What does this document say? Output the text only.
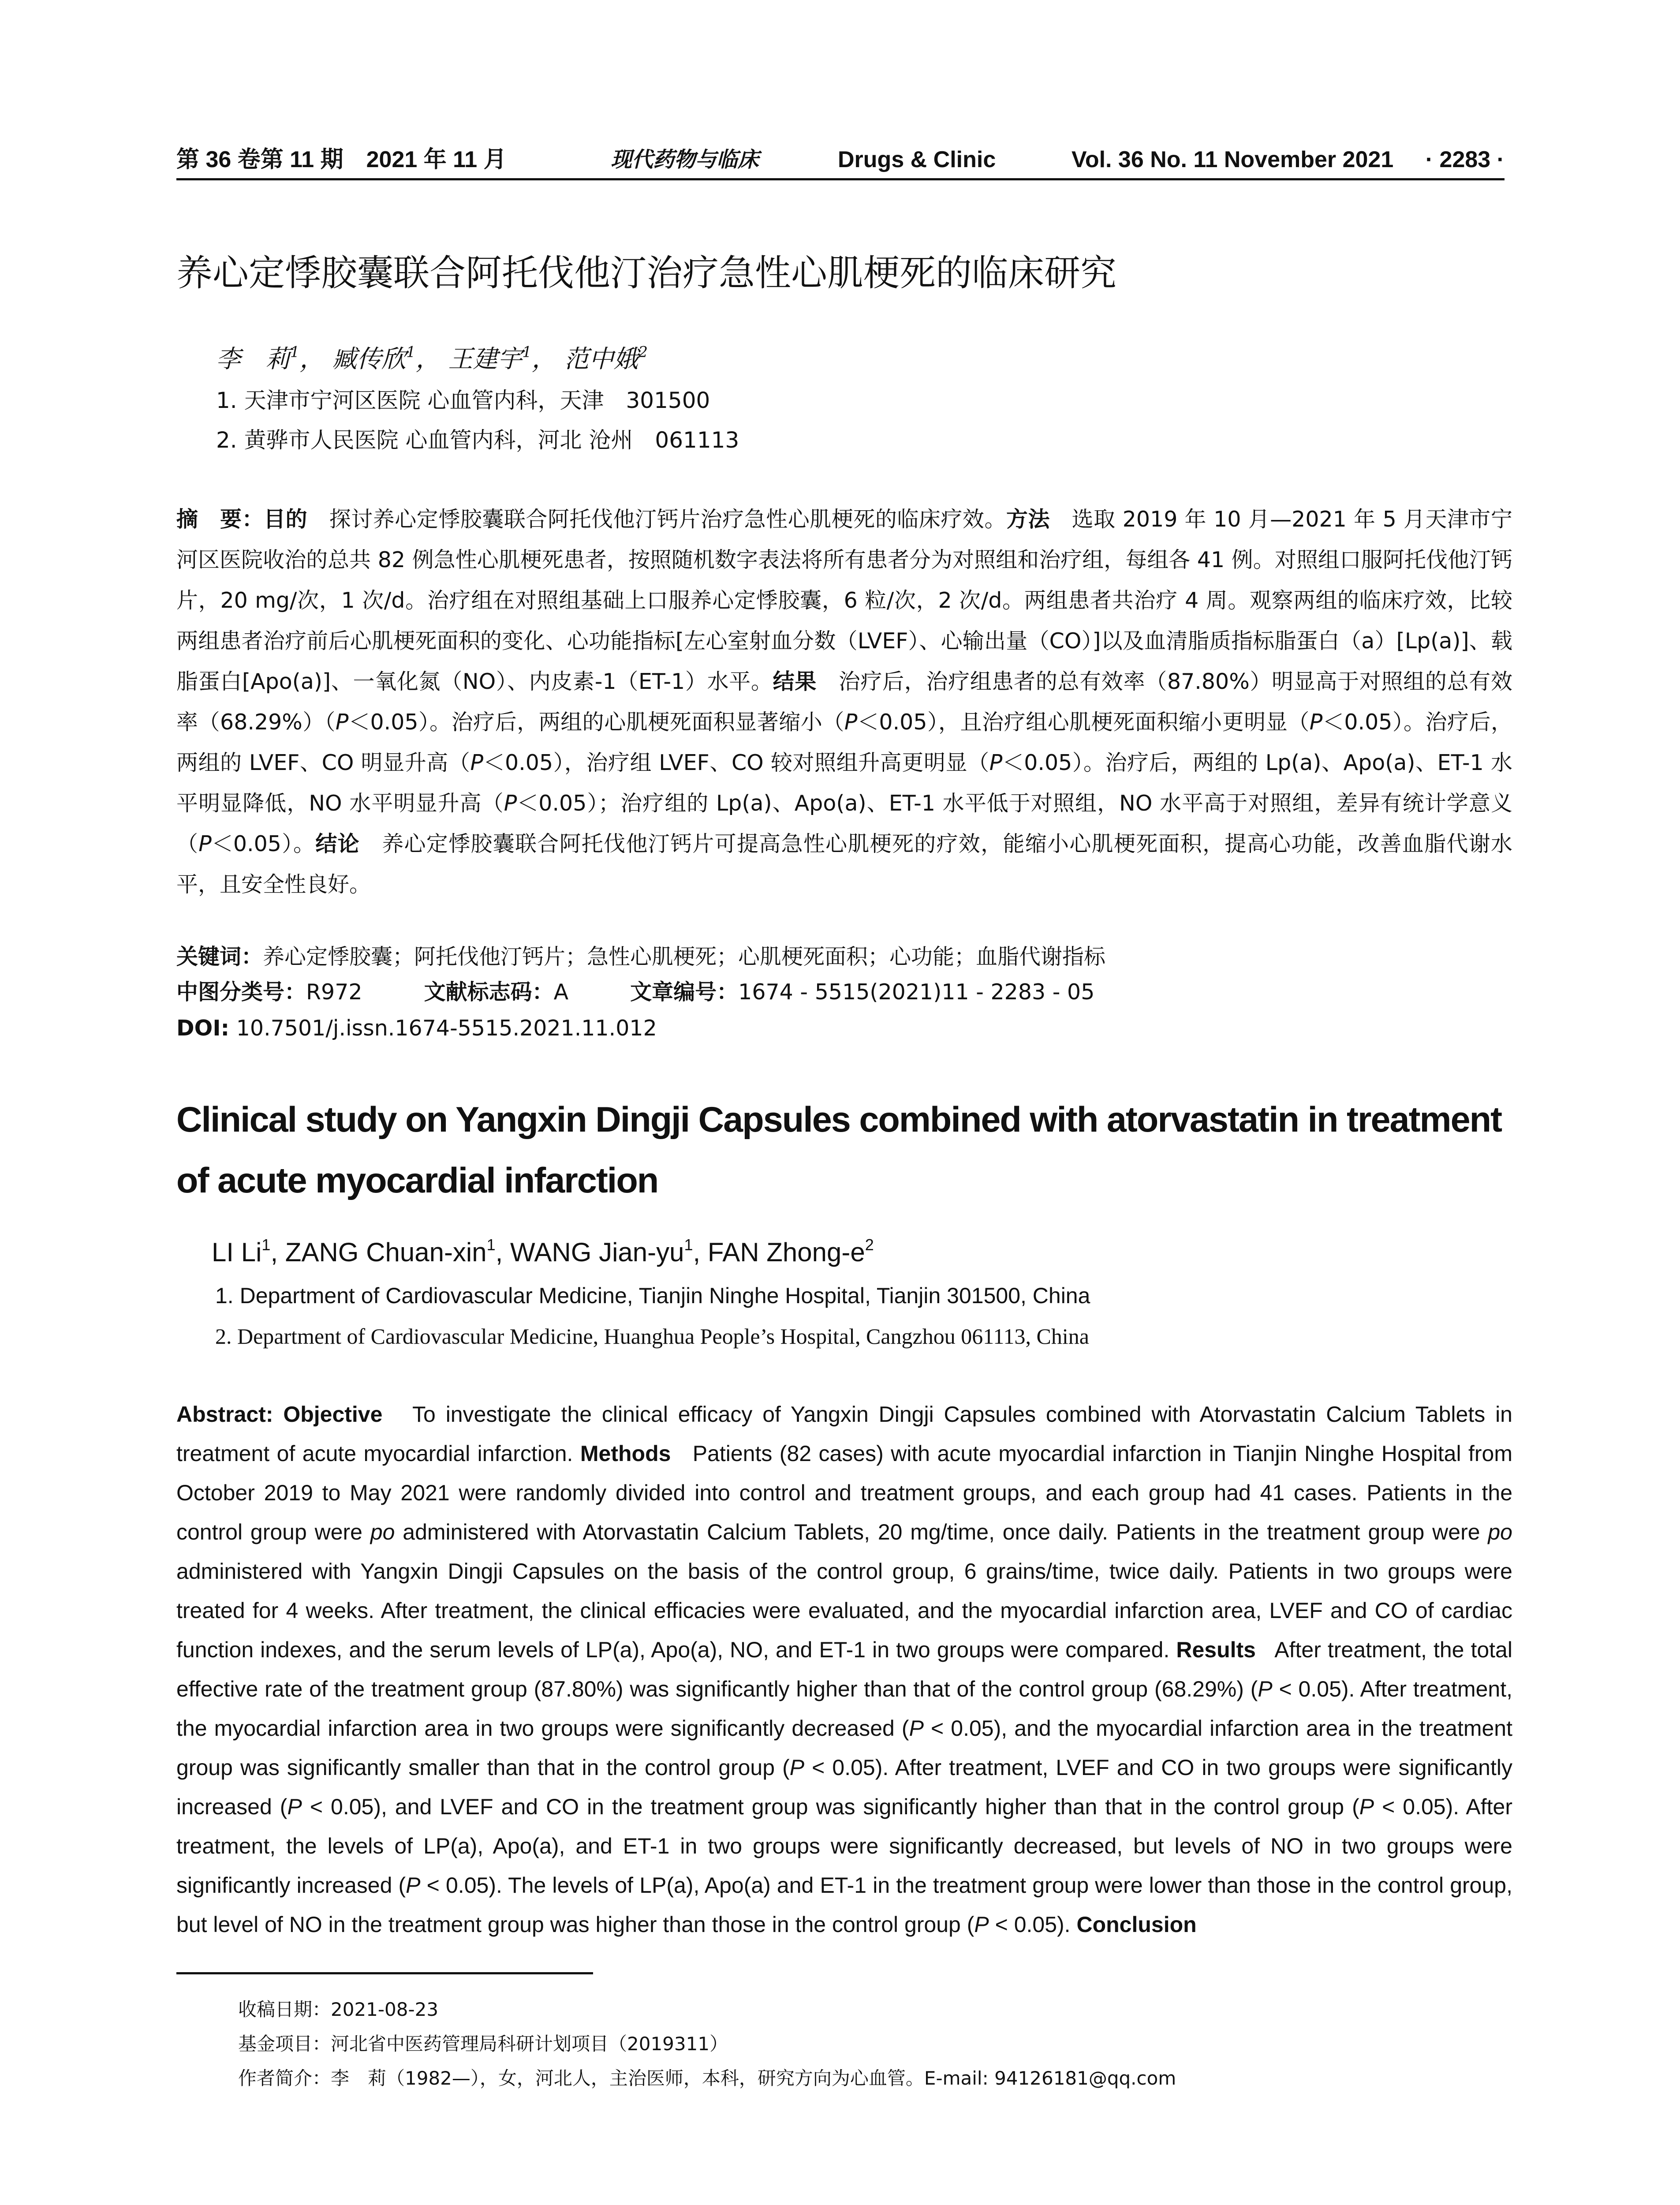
第 36 卷第 11 期　2021 年 11 月	现代药物与临床	Drugs & Clinic	Vol. 36 No. 11 November 2021 · 2283 ·
养心定悸胶囊联合阿托伐他汀治疗急性心肌梗死的临床研究
李　莉$^1$， 臧传欣$^1$， 王建宇$^1$， 范中娥$^2$
1. 天津市宁河区医院 心血管内科，天津　301500
2. 黄骅市人民医院 心血管内科，河北 沧州　061113
摘　要：目的　 探讨养心定悸胶囊联合阿托伐他汀钙片治疗急性心肌梗死的临床疗效。方法　 选取 2019 年 10 月—2021 年 5 月天津市宁河区医院收治的总共 82 例急性心肌梗死患者，按照随机数字表法将所有患者分为对照组和治疗组，每组各 41 例。对照组口服阿托伐他汀钙片，20 mg/次，1 次/d。治疗组在对照组基础上口服养心定悸胶囊，6 粒/次，2 次/d。两组患者共治疗 4 周。观察两组的临床疗效，比较两组患者治疗前后心肌梗死面积的变化、心功能指标[左心室射血分数（LVEF）、心输出量（CO）]以及血清脂质指标脂蛋白（a）[Lp(a)]、载脂蛋白[Apo(a)]、一氧化氮（NO）、内皮素-1（ET-1）水平。结果　 治疗后，治疗组患者的总有效率（87.80%）明显高于对照组的总有效率（68.29%）（P＜0.05）。治疗后，两组的心肌梗死面积显著缩小（P＜0.05），且治疗组心肌梗死面积缩小更明显（P＜0.05）。治疗后，两组的 LVEF、CO 明显升高（P＜0.05），治疗组 LVEF、CO 较对照组升高更明显（P＜0.05）。治疗后，两组的 Lp(a)、Apo(a)、ET-1 水平明显降低，NO 水平明显升高（P＜0.05）；治疗组的 Lp(a)、Apo(a)、ET-1 水平低于对照组，NO 水平高于对照组，差异有统计学意义（P＜0.05）。结论　 养心定悸胶囊联合阿托伐他汀钙片可提高急性心肌梗死的疗效，能缩小心肌梗死面积，提高心功能，改善血脂代谢水平，且安全性良好。
关键词：养心定悸胶囊；阿托伐他汀钙片；急性心肌梗死；心肌梗死面积；心功能；血脂代谢指标
中图分类号：R972	文献标志码：A	文章编号：1674 - 5515(2021)11 - 2283 - 05
DOI: 10.7501/j.issn.1674-5515.2021.11.012
Clinical study on Yangxin Dingji Capsules combined with atorvastatin in treatment of acute myocardial infarction
LI Li$^1$, ZANG Chuan-xin$^1$, WANG Jian-$yu^1$, FAN Zhong-$e^2$
1. Department of Cardiovascular Medicine, Tianjin Ninghe Hospital, Tianjin 301500, China
2. Department of Cardiovascular Medicine, Huanghua People’s Hospital, Cangzhou 061113, China
Abstract: Objective To investigate the clinical efficacy of Yangxin Dingji Capsules combined with Atorvastatin Calcium Tablets in treatment of acute myocardial infarction. Methods Patients (82 cases) with acute myocardial infarction in Tianjin Ninghe Hospital from October 2019 to May 2021 were randomly divided into control and treatment groups, and each group had 41 cases. Patients in the control group were po administered with Atorvastatin Calcium Tablets, 20 mg/time, once daily. Patients in the treatment group were po administered with Yangxin Dingji Capsules on the basis of the control group, 6 grains/time, twice daily. Patients in two groups were treated for 4 weeks. After treatment, the clinical efficacies were evaluated, and the myocardial infarction area, LVEF and CO of cardiac function indexes, and the serum levels of LP(a), Apo(a), NO, and ET-1 in two groups were compared. Results After treatment, the total effective rate of the treatment group (87.80%) was significantly higher than that of the control group (68.29%) (P < 0.05). After treatment, the myocardial infarction area in two groups were significantly decreased (P < 0.05), and the myocardial infarction area in the treatment group was significantly smaller than that in the control group (P < 0.05). After treatment, LVEF and CO in two groups were significantly increased (P < 0.05), and LVEF and CO in the treatment group was significantly higher than that in the control group (P < 0.05). After treatment, the levels of LP(a), Apo(a), and ET-1 in two groups were significantly decreased, but levels of NO in two groups were significantly increased (P < 0.05). The levels of LP(a), Apo(a) and ET-1 in the treatment group were lower than those in the control group, but level of NO in the treatment group was higher than those in the control group (P < 0.05). Conclusion
收稿日期：2021-08-23
基金项目：河北省中医药管理局科研计划项目（2019311）
作者简介：李　莉（1982—），女，河北人，主治医师，本科，研究方向为心血管。E-mail: 94126181@qq.com
